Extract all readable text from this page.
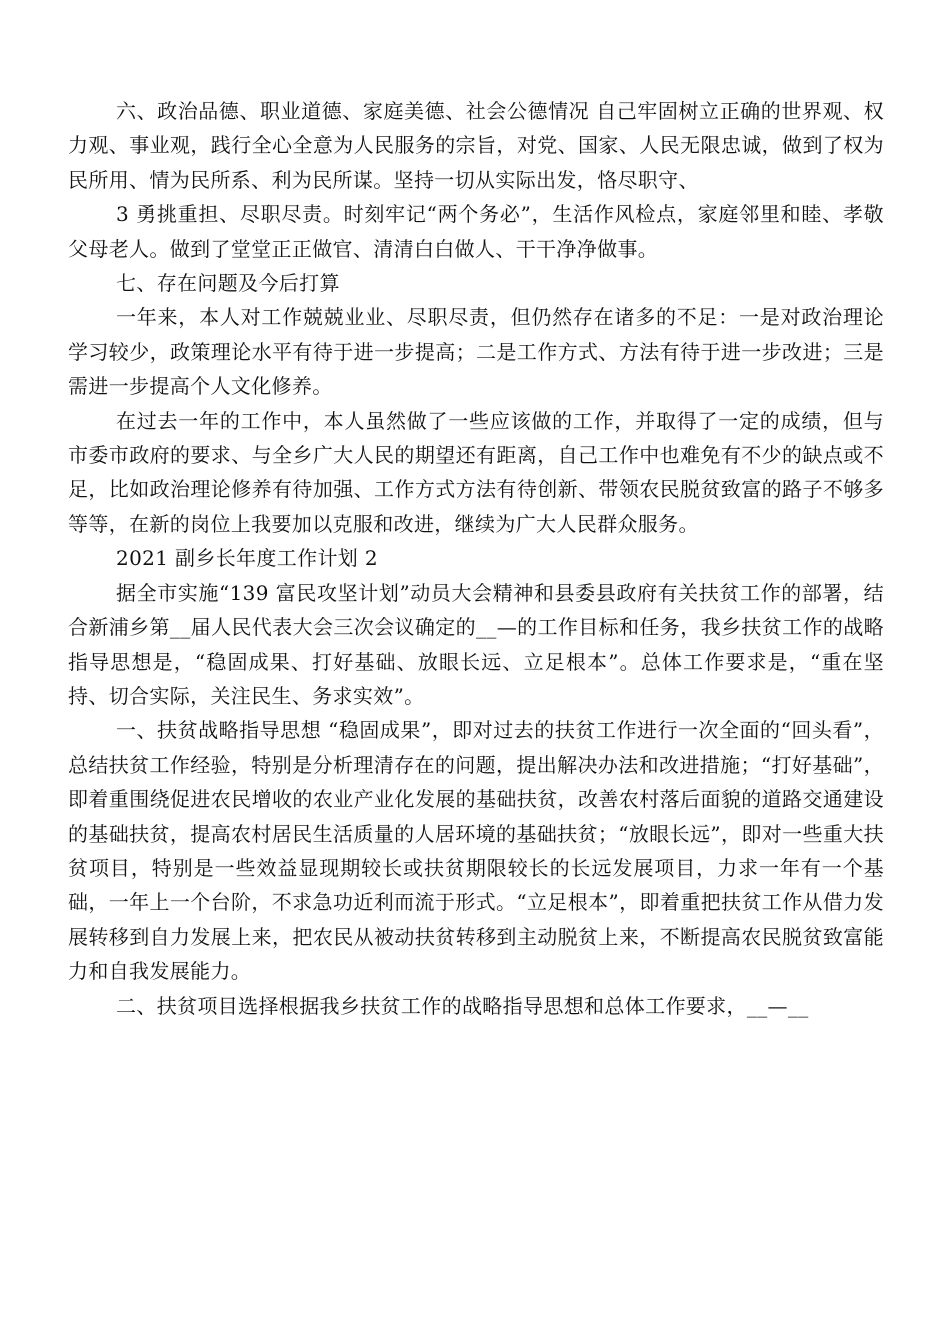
六、政治品德、职业道德、家庭美德、社会公德情况 自己牢固树立正确的世界观、权力观、事业观，践行全心全意为人民服务的宗旨，对党、国家、人民无限忠诚，做到了权为民所用、情为民所系、利为民所谋。坚持一切从实际出发，恪尽职守、

3 勇挑重担、尽职尽责。时刻牢记“两个务必”，生活作风检点，家庭邻里和睦、孝敬父母老人。做到了堂堂正正做官、清清白白做人、干干净净做事。

七、存在问题及今后打算

一年来，本人对工作兢兢业业、尽职尽责，但仍然存在诸多的不足：一是对政治理论学习较少，政策理论水平有待于进一步提高；二是工作方式、方法有待于进一步改进；三是需进一步提高个人文化修养。

在过去一年的工作中，本人虽然做了一些应该做的工作，并取得了一定的成绩，但与市委市政府的要求、与全乡广大人民的期望还有距离，自己工作中也难免有不少的缺点或不足，比如政治理论修养有待加强、工作方式方法有待创新、带领农民脱贫致富的路子不够多等等，在新的岗位上我要加以克服和改进，继续为广大人民群众服务。

2021 副乡长年度工作计划 2

据全市实施“139 富民攻坚计划”动员大会精神和县委县政府有关扶贫工作的部署，结合新浦乡第__届人民代表大会三次会议确定的__—的工作目标和任务，我乡扶贫工作的战略指导思想是，“稳固成果、打好基础、放眼长远、立足根本”。总体工作要求是，“重在坚持、切合实际，关注民生、务求实效”。

一、扶贫战略指导思想 “稳固成果”，即对过去的扶贫工作进行一次全面的“回头看”，总结扶贫工作经验，特别是分析理清存在的问题，提出解决办法和改进措施；“打好基础”，即着重围绕促进农民增收的农业产业化发展的基础扶贫，改善农村落后面貌的道路交通建设的基础扶贫，提高农村居民生活质量的人居环境的基础扶贫；“放眼长远”，即对一些重大扶贫项目，特别是一些效益显现期较长或扶贫期限较长的长远发展项目，力求一年有一个基础，一年上一个台阶，不求急功近利而流于形式。“立足根本”，即着重把扶贫工作从借力发展转移到自力发展上来，把农民从被动扶贫转移到主动脱贫上来，不断提高农民脱贫致富能力和自我发展能力。

二、扶贫项目选择根据我乡扶贫工作的战略指导思想和总体工作要求，__—__
